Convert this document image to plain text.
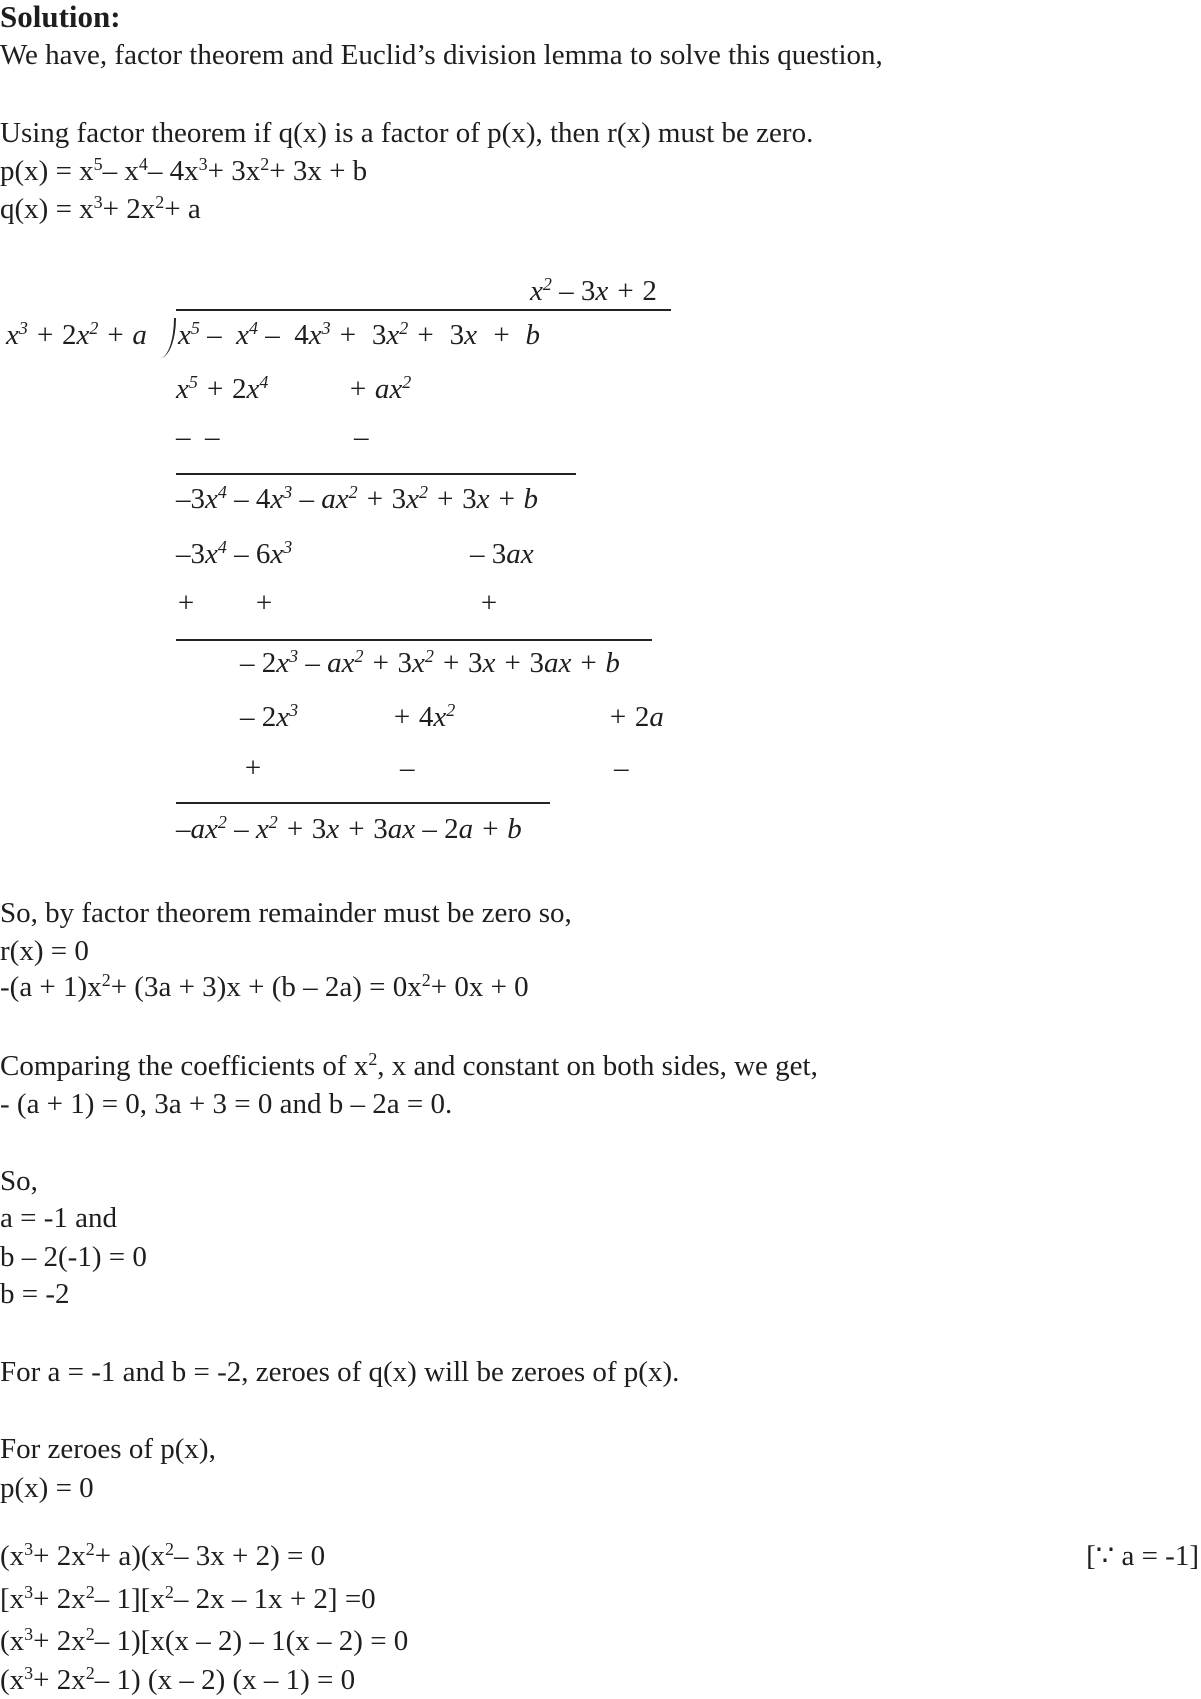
Solution:
We have, factor theorem and Euclid’s division lemma to solve this question,
Using factor theorem if q(x) is a factor of p(x), then r(x) must be zero.
$p(x) = x^5-$ $x^4-$ $4x^3+ 3x^2+ 3x + b$
$q(x) = x^3+ 2x^2+ a$
$x^2 - 3x + 2$
$x^3 + 2x^2 + a$ $x^5 - x^4 - 4x^3 + 3x^2 + 3x + b$
$x^5 + 2x^4$	+ $ax^2$
–  –	–
$-3x^4 - 4x^3 - ax^2 + 3x^2 + 3x + b$
$-3x^4 - 6x^3$	– 3ax
+ +	+
– $2x^3 - ax^2 + 3x^2 + 3x + 3ax + b$
– $2x^3$	+ $4x^2$	+ 2a
+	–	–
$-ax^2 - x^2 + 3x + 3ax - 2a + b$
So, by factor theorem remainder must be zero so,
r(x) = 0
$-(a + 1)x^2+ (3a + 3)x + (b - 2a) = 0x^2+ 0x + 0$
Comparing the coefficients of $x^2$, x and constant on both sides, we get,
- (a + 1) = 0, 3a + 3 = 0 and b – 2a = 0.
So,
a = -1 and
b – 2(-1) = 0
b = -2
For a = -1 and b = -2, zeroes of q(x) will be zeroes of p(x).
For zeroes of p(x),
p(x) = 0
$(x^3+ 2x^2+ a)(x^2-$ 3x + 2) = 0	[∵ a = -1]
[$x^3+ 2x^2-$ $1][x^2-$ 2x – 1x + 2] =0
($x^3+ 2x^2-$ 1)[x(x – 2) – 1(x – 2) = 0
($x^3+ 2x^2-$ 1) (x – 2) (x – 1) = 0
